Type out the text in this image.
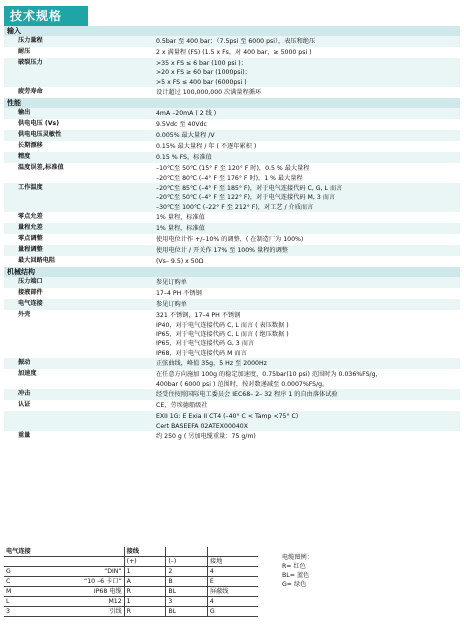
技术规格
输入
压力量程	0.5bar 至 400 bar；（7.5psi 至 6000 psi），表压和绝压
耐压	2 x 满量程 (FS) (1.5 x Fs，对 400 bar，≥ 5000 psi )
破裂压力	>35 x FS ≤ 6 bar (100 psi )；
>20 x FS ≥ 60 bar (1000psi)；
>5 x FS ≤ 400 bar (6000psi )
疲劳寿命	设计超过 100,000,000 次满量程循环
性能
输出	4mA –20mA ( 2 线 )
供电电压 (Vs)	9.5Vdc 至 40Vdc
供电电压灵敏性	0.005% 最大量程 /V
长期漂移	0.15% 最大量程 / 年 ( 不逐年累积 )
精度	0.15 % FS，标准值
温度误差,标准值	–10℃至 50℃ (15° F 至 120° F 时)，0.5 % 最大量程
–20℃至 80℃ (–4° F 至 176° F 时)，1 % 最大量程
工作温度	–20℃至 85℃ (–4° F 至 185° F)，对于电气连接代码 C, G, L 而言
–20℃至 50℃ (–4° F 至 122° F)，对于电气连接代码 M, 3 而言
–30℃至 100℃ (–22° F 至 212° F)，对工艺 / 介质而言
零点允差	1% 量程，标准值
量程允差	1% 量程，标准值
零点调整	使用电位计作 +/–10% 的调整，( 在制造厂为 100%)
量程调整	使用电位计 / 开关作 17% 至 100% 量程的调整
最大回路电阻	(Vs– 9.5) x 50Ω
机械结构
压力端口	参见订购单
接液部件	17–4 PH 不锈钢
电气连接	参见订购单
外壳	321 不锈钢，17–4 PH 不锈钢
IP40，对于电气连接代码 C, L 而言 ( 表压数据 )
IP65，对于电气连接代码 C, L 而言 ( 绝压数据 )
IP65，对于电气连接代码 G, 3 而言
IP68，对于电气连接代码 M 而言
振动	正弦曲线，峰值 35g，5 Hz 至 2000Hz
加速度	在任意方向施加 100g 的稳定加速度，0.75bar(10 psi) 范围时为 0.036%FS/g，
400bar ( 6000 psi ) 范围时，按对数递减至 0.0007%FS/g。
冲击	经受住按照国际电工委员会 IEC68– 2– 32 程序 1 的自由落体试验
认证	CE，劳埃德船级社
EXII 1G: E Exia II CT4 (–40° C < Tamp <75° C)
Cert BASEEFA 02ATEX00040X
重量	约 250 g ( 另加电缆重量：75 g/m)
电气连接		接线		
		(+)	(–)	接地
G	“DIN”	1	2	4
C	“10 –6 卡口”	A	B	E
M	IP68 电缆	R	BL	屏蔽线
L	M12	1	3	4
3	引线	R	BL	G
电缆图例：
R= 红色
BL= 蓝色
G= 绿色
